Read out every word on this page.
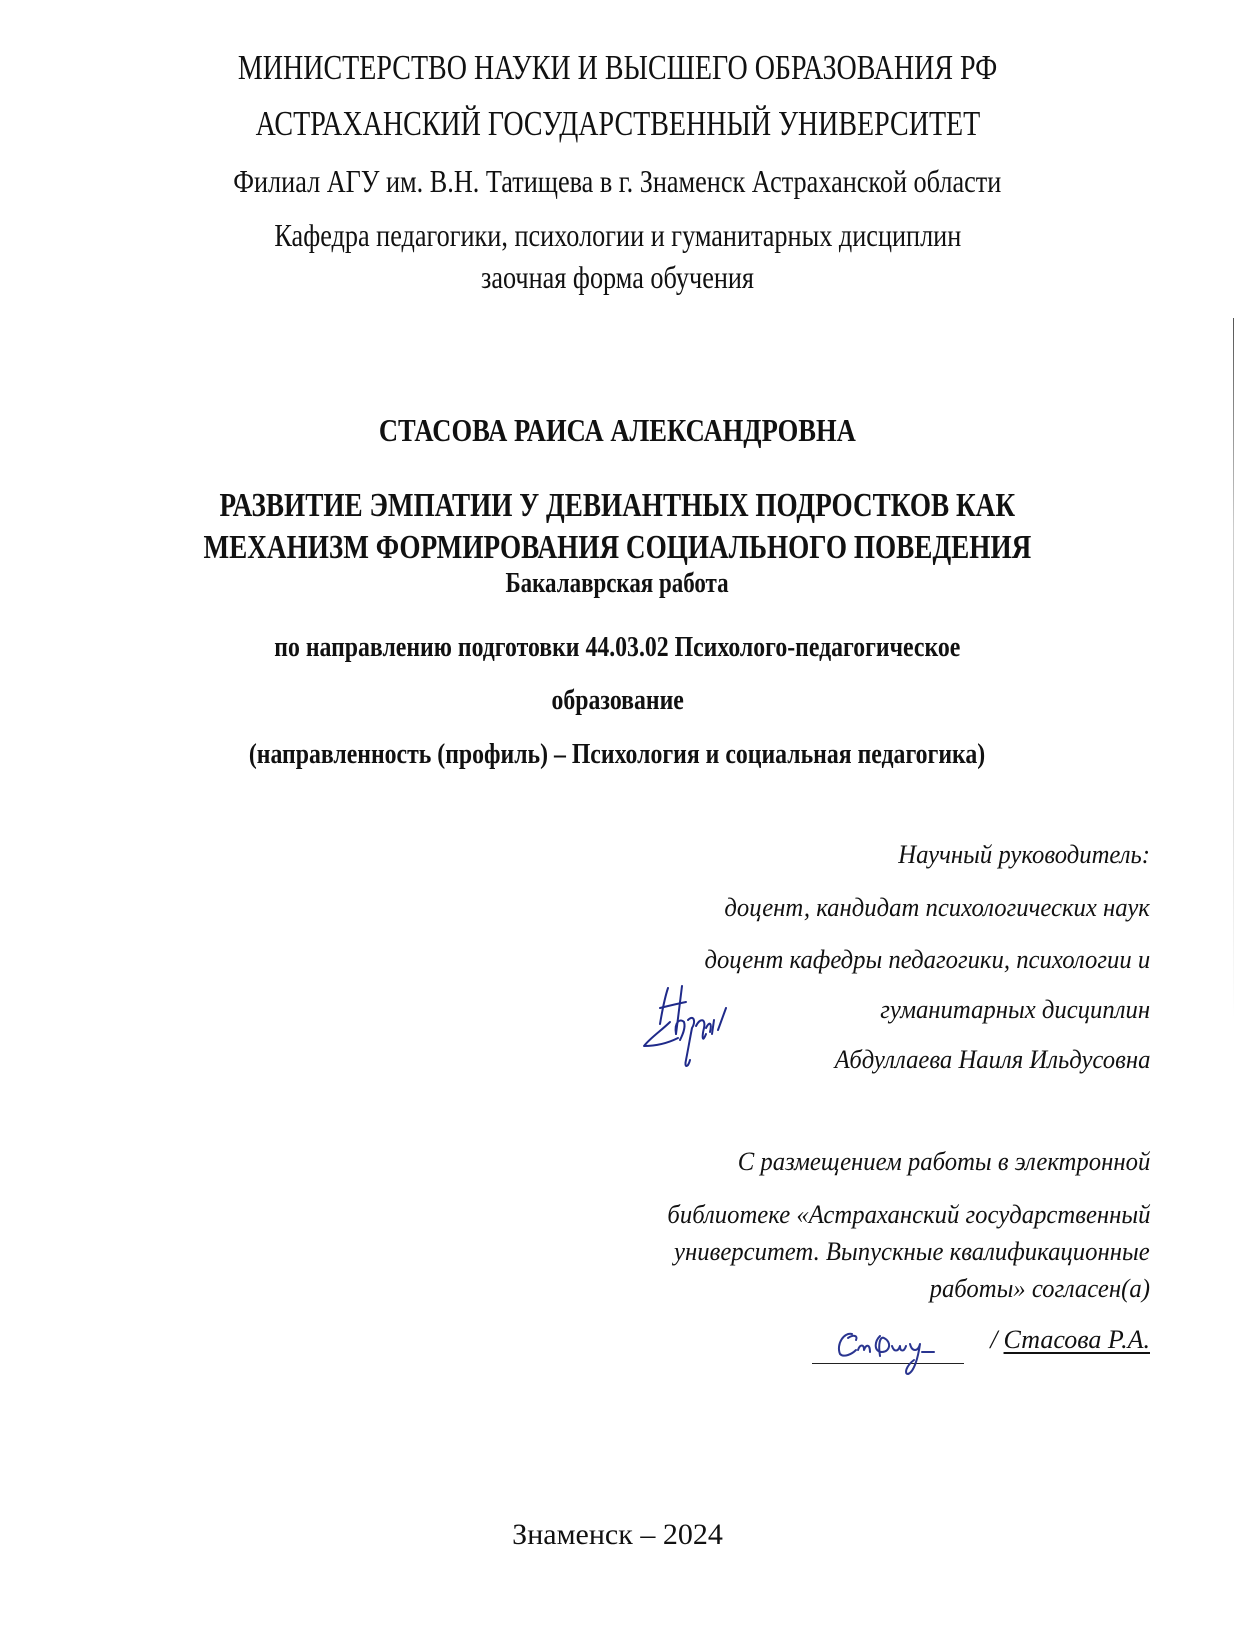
МИНИСТЕРСТВО НАУКИ И ВЫСШЕГО ОБРАЗОВАНИЯ РФ
АСТРАХАНСКИЙ ГОСУДАРСТВЕННЫЙ УНИВЕРСИТЕТ
Филиал АГУ им. В.Н. Татищева в г. Знаменск Астраханской области
Кафедра педагогики, психологии и гуманитарных дисциплин
заочная форма обучения
СТАСОВА РАИСА АЛЕКСАНДРОВНА
РАЗВИТИЕ ЭМПАТИИ У ДЕВИАНТНЫХ ПОДРОСТКОВ КАК
МЕХАНИЗМ ФОРМИРОВАНИЯ СОЦИАЛЬНОГО ПОВЕДЕНИЯ
Бакалаврская работа
по направлению подготовки 44.03.02 Психолого-педагогическое
образование
(направленность (профиль) – Психология и социальная педагогика)
Научный руководитель:
доцент, кандидат психологических наук
доцент кафедры педагогики, психологии и
гуманитарных дисциплин
Абдуллаева Наиля Ильдусовна
С размещением работы в электронной
библиотеке «Астраханский государственный
университет. Выпускные квалификационные
работы» согласен(а)
/ Стасова Р.А.
Знаменск – 2024
